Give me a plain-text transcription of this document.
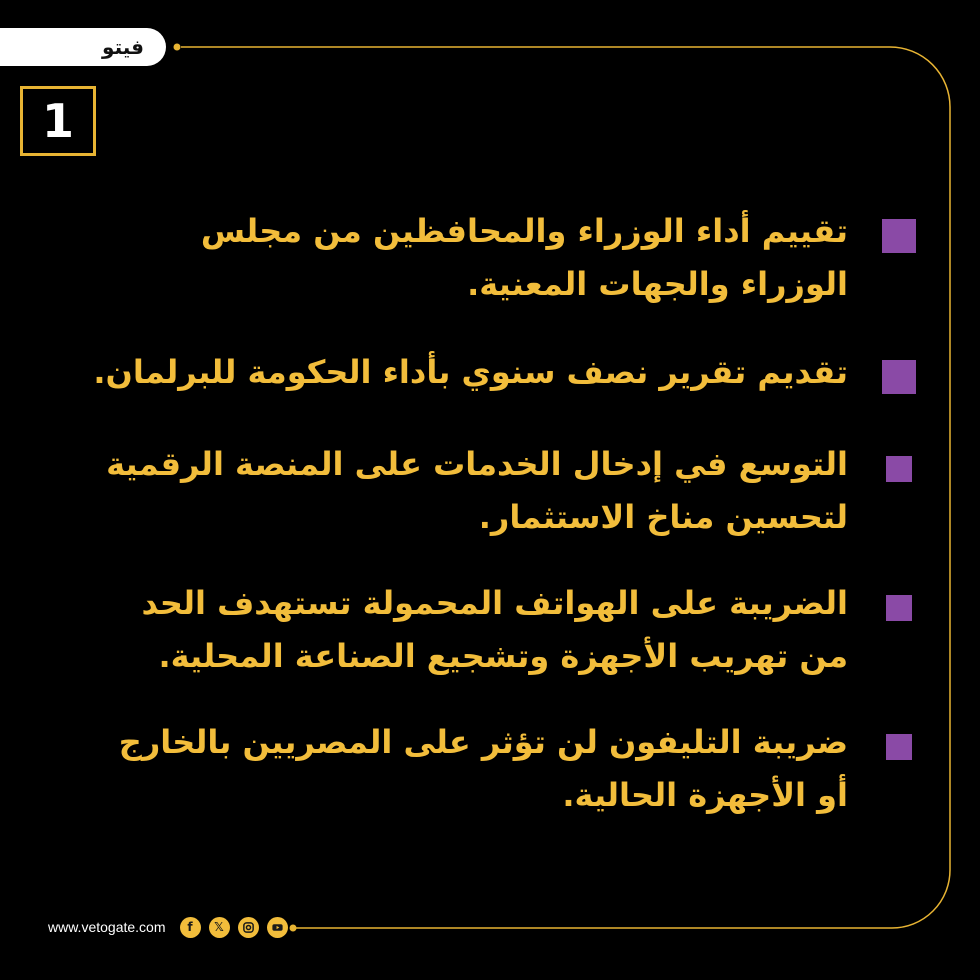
فيتو
1
تقييم أداء الوزراء والمحافظين من مجلس الوزراء والجهات المعنية.
تقديم تقرير نصف سنوي بأداء الحكومة للبرلمان.
التوسع في إدخال الخدمات على المنصة الرقمية لتحسين مناخ الاستثمار.
الضريبة على الهواتف المحمولة تستهدف الحد من تهريب الأجهزة وتشجيع الصناعة المحلية.
ضريبة التليفون لن تؤثر على المصريين بالخارج أو الأجهزة الحالية.
www.vetogate.com	f	𝕏
